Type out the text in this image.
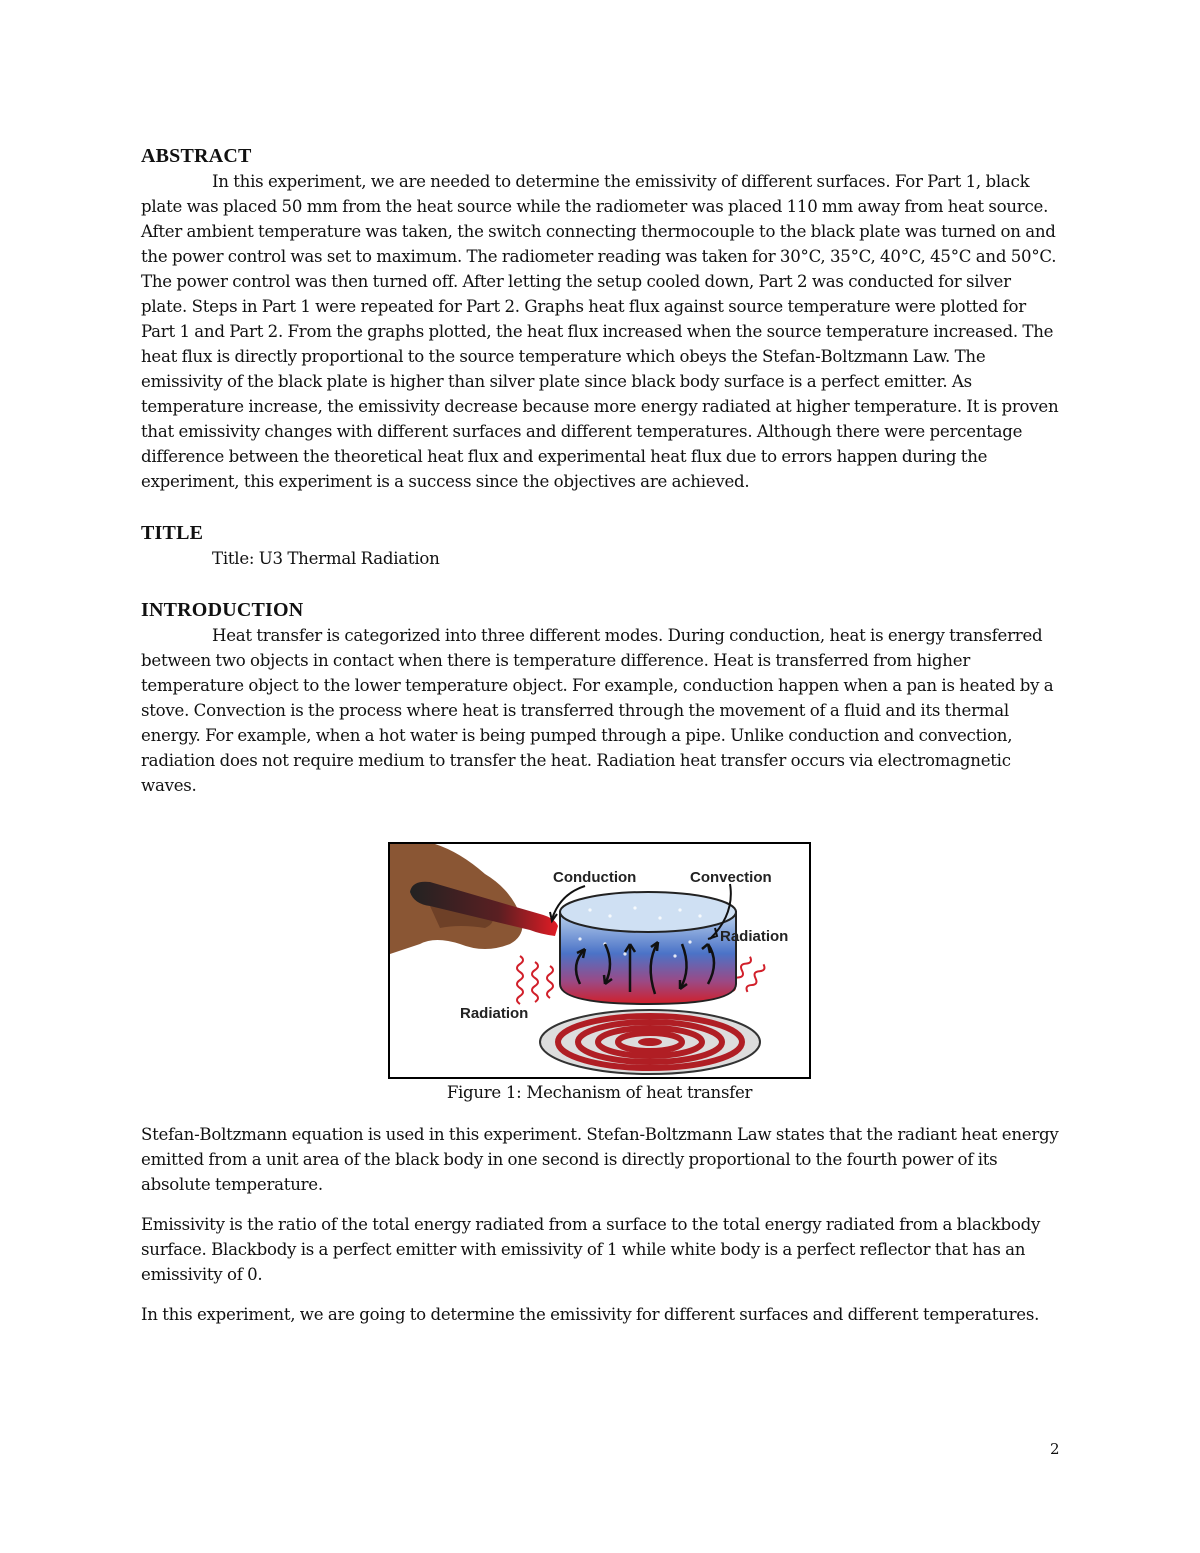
ABSTRACT

In this experiment, we are needed to determine the emissivity of different surfaces. For Part 1, black plate was placed 50 mm from the heat source while the radiometer was placed 110 mm away from heat source. After ambient temperature was taken, the switch connecting thermocouple to the black plate was turned on and the power control was set to maximum. The radiometer reading was taken for 30°C, 35°C, 40°C, 45°C and 50°C. The power control was then turned off. After letting the setup cooled down, Part 2 was conducted for silver plate. Steps in Part 1 were repeated for Part 2. Graphs heat flux against source temperature were plotted for Part 1 and Part 2. From the graphs plotted, the heat flux increased when the source temperature increased. The heat flux is directly proportional to the source temperature which obeys the Stefan-Boltzmann Law. The emissivity of the black plate is higher than silver plate since black body surface is a perfect emitter. As temperature increase, the emissivity decrease because more energy radiated at higher temperature. It is proven that emissivity changes with different surfaces and different temperatures. Although there were percentage difference between the theoretical heat flux and experimental heat flux due to errors happen during the experiment, this experiment is a success since the objectives are achieved.

TITLE

Title: U3 Thermal Radiation

INTRODUCTION

Heat transfer is categorized into three different modes. During conduction, heat is energy transferred between two objects in contact when there is temperature difference. Heat is transferred from higher temperature object to the lower temperature object. For example, conduction happen when a pan is heated by a stove. Convection is the process where heat is transferred through the movement of a fluid and its thermal energy. For example, when a hot water is being pumped through a pipe. Unlike conduction and convection, radiation does not require medium to transfer the heat. Radiation heat transfer occurs via electromagnetic waves.

Conduction	Convection
Radiation
Radiation
Figure 1: Mechanism of heat transfer

Stefan-Boltzmann equation is used in this experiment. Stefan-Boltzmann Law states that the radiant heat energy emitted from a unit area of the black body in one second is directly proportional to the fourth power of its absolute temperature.

Emissivity is the ratio of the total energy radiated from a surface to the total energy radiated from a blackbody surface. Blackbody is a perfect emitter with emissivity of 1 while white body is a perfect reflector that has an emissivity of 0.

In this experiment, we are going to determine the emissivity for different surfaces and different temperatures.

2
